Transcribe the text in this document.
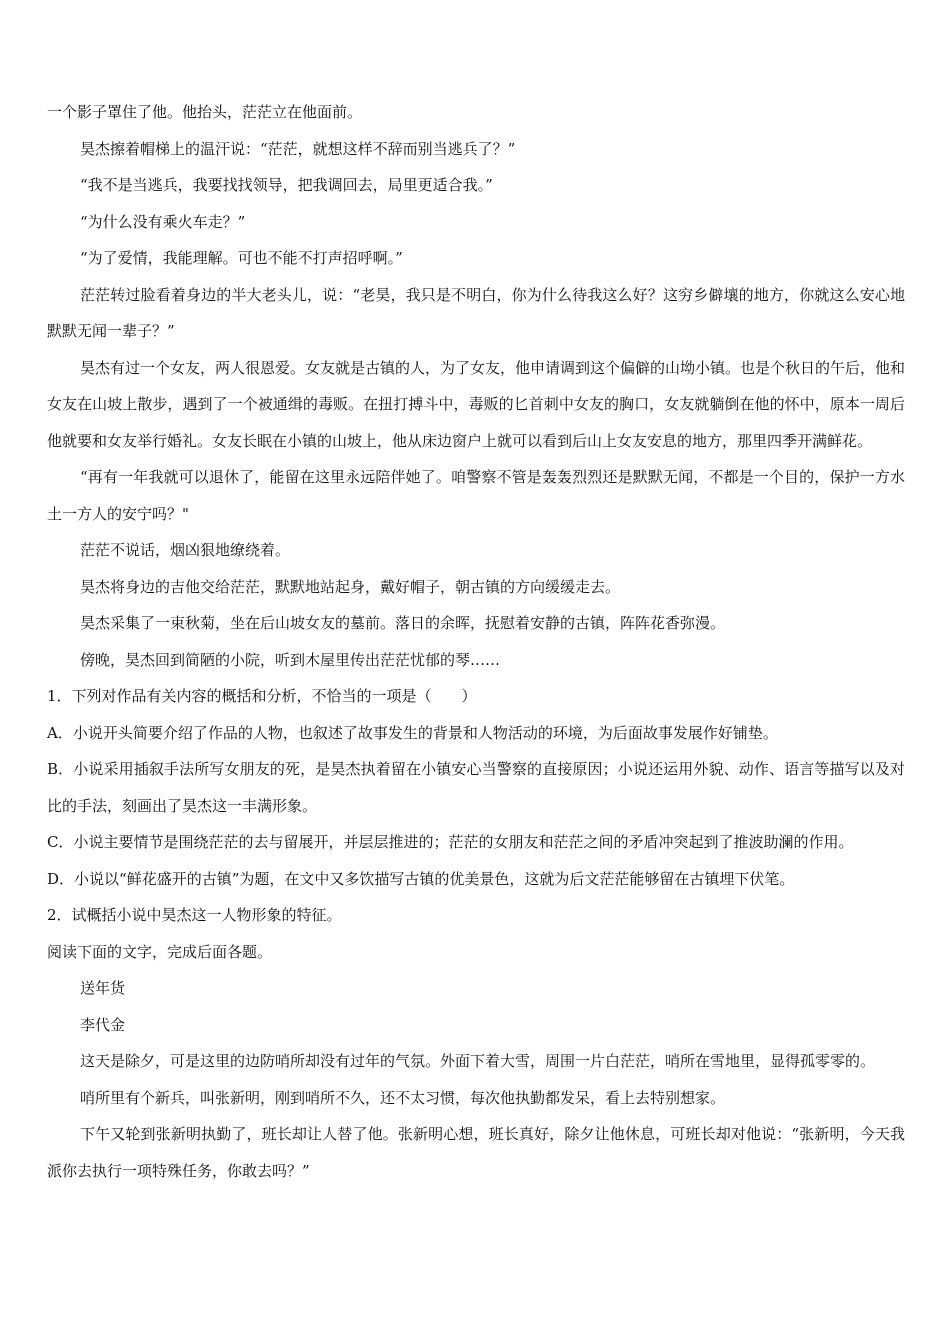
一个影子罩住了他。他抬头，茫茫立在他面前。

昊杰擦着帽梯上的温汗说：“茫茫，就想这样不辞而别当逃兵了？”

“我不是当逃兵，我要找找领导，把我调回去，局里更适合我。”

“为什么没有乘火车走？”

“为了爱情，我能理解。可也不能不打声招呼啊。”

茫茫转过脸看着身边的半大老头儿，说：“老昊，我只是不明白，你为什么待我这么好？这穷乡僻壤的地方，你就这么安心地默默无闻一辈子？”

昊杰有过一个女友，两人很恩爱。女友就是古镇的人，为了女友，他申请调到这个偏僻的山坳小镇。也是个秋日的午后，他和女友在山坡上散步，遇到了一个被通缉的毒贩。在扭打搏斗中，毒贩的匕首刺中女友的胸口，女友就躺倒在他的怀中，原本一周后他就要和女友举行婚礼。女友长眠在小镇的山坡上，他从床边窗户上就可以看到后山上女友安息的地方，那里四季开满鲜花。

“再有一年我就可以退休了，能留在这里永远陪伴她了。咱警察不管是轰轰烈烈还是默默无闻，不都是一个目的，保护一方水土一方人的安宁吗？"

茫茫不说话，烟凶狠地缭绕着。

昊杰将身边的吉他交给茫茫，默默地站起身，戴好帽子，朝古镇的方向缓缓走去。

昊杰采集了一束秋菊，坐在后山坡女友的墓前。落日的余晖，抚慰着安静的古镇，阵阵花香弥漫。

傍晚，昊杰回到简陋的小院，听到木屋里传出茫茫忧郁的琴……

1．下列对作品有关内容的概括和分析，不恰当的一项是（　　）

A．小说开头简要介绍了作品的人物，也叙述了故事发生的背景和人物活动的环境，为后面故事发展作好铺垫。

B．小说采用插叙手法所写女朋友的死，是昊杰执着留在小镇安心当警察的直接原因；小说还运用外貌、动作、语言等描写以及对比的手法，刻画出了昊杰这一丰满形象。

C．小说主要情节是围绕茫茫的去与留展开，并层层推进的；茫茫的女朋友和茫茫之间的矛盾冲突起到了推波助澜的作用。

D．小说以“鲜花盛开的古镇”为题，在文中又多饮描写古镇的优美景色，这就为后文茫茫能够留在古镇埋下伏笔。

2．试概括小说中昊杰这一人物形象的特征。

阅读下面的文字，完成后面各题。

送年货

李代金

这天是除夕，可是这里的边防哨所却没有过年的气氛。外面下着大雪，周围一片白茫茫，哨所在雪地里，显得孤零零的。

哨所里有个新兵，叫张新明，刚到哨所不久，还不太习惯，每次他执勤都发呆，看上去特别想家。

下午又轮到张新明执勤了，班长却让人替了他。张新明心想，班长真好，除夕让他休息，可班长却对他说：“张新明，今天我派你去执行一项特殊任务，你敢去吗？”
